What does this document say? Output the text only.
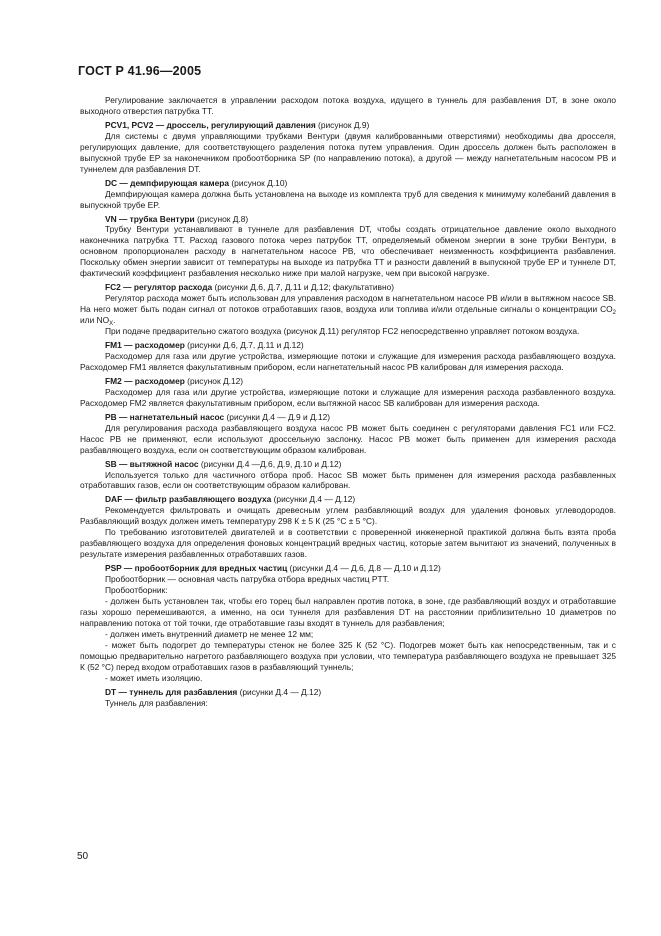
ГОСТ Р 41.96—2005

Регулирование заключается в управлении расходом потока воздуха, идущего в туннель для разбавления DT, в зоне около выходного отверстия патрубка TT.

PCV1, PCV2 — дроссель, регулирующий давления (рисунок Д.9)

Для системы с двумя управляющими трубками Вентури (двумя калиброванными отверстиями) необходимы два дросселя, регулирующих давление, для соответствующего разделения потока путем управления. Один дроссель должен быть расположен в выпускной трубе EP за наконечником пробоотборника SP (по направлению потока), а другой — между нагнетательным насосом PB и туннелем для разбавления DT.

DC — демпфирующая камера (рисунок Д.10)

Демпфирующая камера должна быть установлена на выходе из комплекта труб для сведения к минимуму колебаний давления в выпускной трубе EP.

VN — трубка Вентури (рисунок Д.8)

Трубку Вентури устанавливают в туннеле для разбавления DT, чтобы создать отрицательное давление около выходного наконечника патрубка TT. Расход газового потока через патрубок TT, определяемый обменом энергии в зоне трубки Вентури, в основном пропорционален расходу в нагнетательном насосе PB, что обеспечивает неизменность коэффициента разбавления. Поскольку обмен энергии зависит от температуры на выходе из патрубка TT и разности давлений в выпускной трубе EP и туннеле DT, фактический коэффициент разбавления несколько ниже при малой нагрузке, чем при высокой нагрузке.

FC2 — регулятор расхода (рисунки Д.6, Д.7, Д.11 и Д.12; факультативно)

Регулятор расхода может быть использован для управления расходом в нагнетательном насосе PB и/или в вытяжном насосе SB. На него может быть подан сигнал от потоков отработавших газов, воздуха или топлива и/или отдельные сигналы о концентрации $CO_2$ или $NO_X$.

При подаче предварительно сжатого воздуха (рисунок Д.11) регулятор FC2 непосредственно управляет потоком воздуха.

FM1 — расходомер (рисунки Д.6, Д.7, Д.11 и Д.12)

Расходомер для газа или другие устройства, измеряющие потоки и служащие для измерения расхода разбавляющего воздуха. Расходомер FM1 является факультативным прибором, если нагнетательный насос PB калиброван для измерения расхода.

FM2 — расходомер (рисунок Д.12)

Расходомер для газа или другие устройства, измеряющие потоки и служащие для измерения расхода разбавленного воздуха. Расходомер FM2 является факультативным прибором, если вытяжной насос SB калиброван для измерения расхода.

PB — нагнетательный насос (рисунки Д.4 — Д.9 и Д.12)

Для регулирования расхода разбавляющего воздуха насос PB может быть соединен с регуляторами давления FC1 или FC2. Насос PB не применяют, если используют дроссельную заслонку. Насос PB может быть применен для измерения расхода разбавляющего воздуха, если он соответствующим образом калиброван.

SB — вытяжной насос (рисунки Д.4 —Д.6, Д.9, Д.10 и Д.12)

Используется только для частичного отбора проб. Насос SB может быть применен для измерения расхода разбавленных отработавших газов, если он соответствующим образом калиброван.

DAF — фильтр разбавляющего воздуха (рисунки Д.4 — Д.12)

Рекомендуется фильтровать и очищать древесным углем разбавляющий воздух для удаления фоновых углеводородов. Разбавляющий воздух должен иметь температуру 298 К ± 5 К (25 °С ± 5 °С).

По требованию изготовителей двигателей и в соответствии с проверенной инженерной практикой должна быть взята проба разбавляющего воздуха для определения фоновых концентраций вредных частиц, которые затем вычитают из значений, полученных в результате измерения разбавленных отработавших газов.

PSP — пробоотборник для вредных частиц (рисунки Д.4 — Д.6, Д.8 — Д.10 и Д.12)

Пробоотборник — основная часть патрубка отбора вредных частиц PTT.

Пробоотборник:

- должен быть установлен так, чтобы его торец был направлен против потока, в зоне, где разбавляющий воздух и отработавшие газы хорошо перемешиваются, а именно, на оси туннеля для разбавления DT на расстоянии приблизительно 10 диаметров по направлению потока от той точки, где отработавшие газы входят в туннель для разбавления;

- должен иметь внутренний диаметр не менее 12 мм;

- может быть подогрет до температуры стенок не более 325 К (52 °С). Подогрев может быть как непосредственным, так и с помощью предварительно нагретого разбавляющего воздуха при условии, что температура разбавляющего воздуха не превышает 325 К (52 °С) перед входом отработавших газов в разбавляющий туннель;

- может иметь изоляцию.

DT — туннель для разбавления (рисунки Д.4 — Д.12)

Туннель для разбавления:

50
